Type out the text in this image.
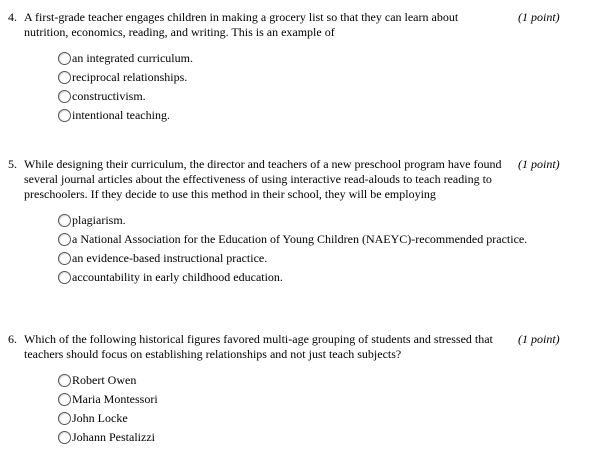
4. A first-grade teacher engages children in making a grocery list so that they can learn about nutrition, economics, reading, and writing. This is an example of
(1 point)
an integrated curriculum.
reciprocal relationships.
constructivism.
intentional teaching.
5. While designing their curriculum, the director and teachers of a new preschool program have found several journal articles about the effectiveness of using interactive read-alouds to teach reading to preschoolers. If they decide to use this method in their school, they will be employing
(1 point)
plagiarism.
a National Association for the Education of Young Children (NAEYC)-recommended practice.
an evidence-based instructional practice.
accountability in early childhood education.
6. Which of the following historical figures favored multi-age grouping of students and stressed that teachers should focus on establishing relationships and not just teach subjects?
(1 point)
Robert Owen
Maria Montessori
John Locke
Johann Pestalizzi
